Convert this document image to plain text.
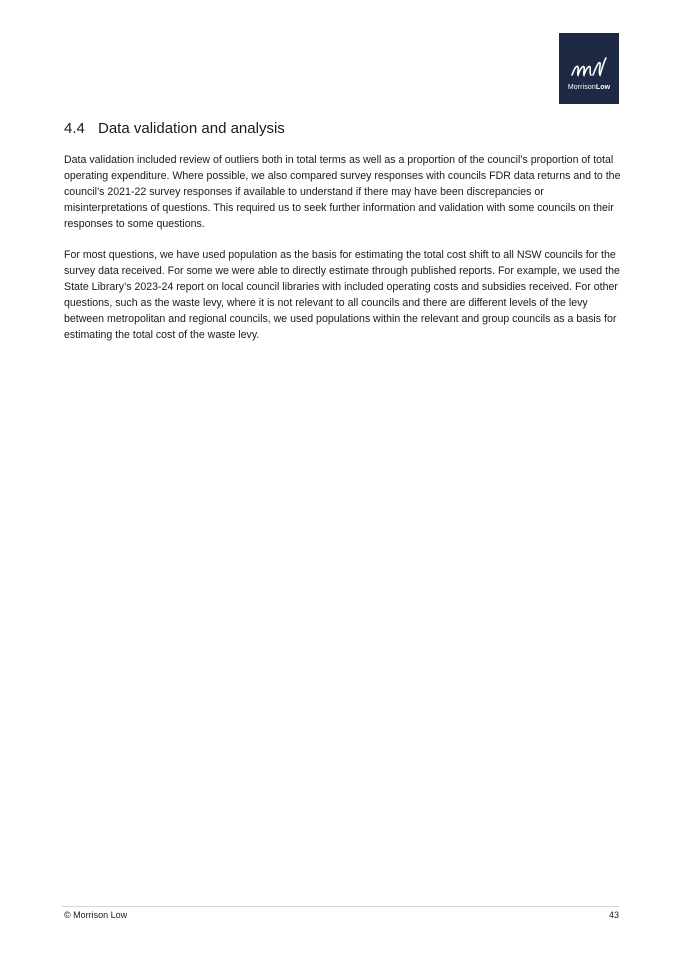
MorrisonLow
4.4 Data validation and analysis

Data validation included review of outliers both in total terms as well as a proportion of the council’s proportion of total operating expenditure. Where possible, we also compared survey responses with councils FDR data returns and to the council’s 2021-22 survey responses if available to understand if there may have been discrepancies or misinterpretations of questions. This required us to seek further information and validation with some councils on their responses to some questions.

For most questions, we have used population as the basis for estimating the total cost shift to all NSW councils for the survey data received. For some we were able to directly estimate through published reports. For example, we used the State Library’s 2023-24 report on local council libraries with included operating costs and subsidies received. For other questions, such as the waste levy, where it is not relevant to all councils and there are different levels of the levy between metropolitan and regional councils, we used populations within the relevant and group councils as a basis for estimating the total cost of the waste levy.

© Morrison Low	43
